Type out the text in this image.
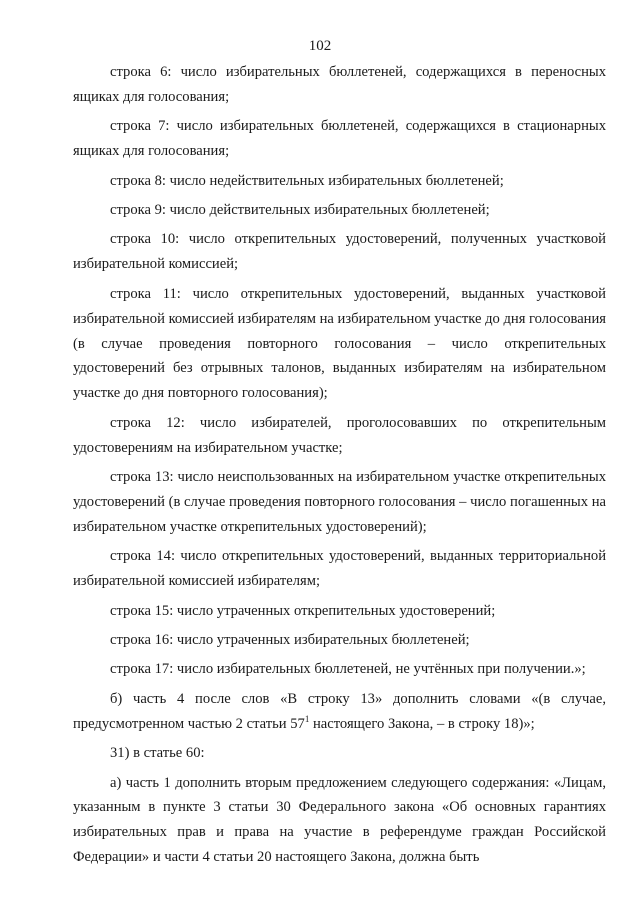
102

строка 6: число избирательных бюллетеней, содержащихся в переносных ящиках для голосования;

строка 7: число избирательных бюллетеней, содержащихся в стационарных ящиках для голосования;

строка 8: число недействительных избирательных бюллетеней;

строка 9: число действительных избирательных бюллетеней;

строка 10: число открепительных удостоверений, полученных участковой избирательной комиссией;

строка 11: число открепительных удостоверений, выданных участковой избирательной комиссией избирателям на избирательном участке до дня голосования (в случае проведения повторного голосования – число открепительных удостоверений без отрывных талонов, выданных избирателям на избирательном участке до дня повторного голосования);

строка 12: число избирателей, проголосовавших по открепительным удостоверениям на избирательном участке;

строка 13: число неиспользованных на избирательном участке открепительных удостоверений (в случае проведения повторного голосования – число погашенных на избирательном участке открепительных удостоверений);

строка 14: число открепительных удостоверений, выданных территориальной избирательной комиссией избирателям;

строка 15: число утраченных открепительных удостоверений;

строка 16: число утраченных избирательных бюллетеней;

строка 17: число избирательных бюллетеней, не учтённых при получении.»;

б) часть 4 после слов «В строку 13» дополнить словами «(в случае, предусмотренном частью 2 статьи $57^1$ настоящего Закона, – в строку 18)»;

31) в статье 60:

а) часть 1 дополнить вторым предложением следующего содержания: «Лицам, указанным в пункте 3 статьи 30 Федерального закона «Об основных гарантиях избирательных прав и права на участие в референдуме граждан Российской Федерации» и части 4 статьи 20 настоящего Закона, должна быть
